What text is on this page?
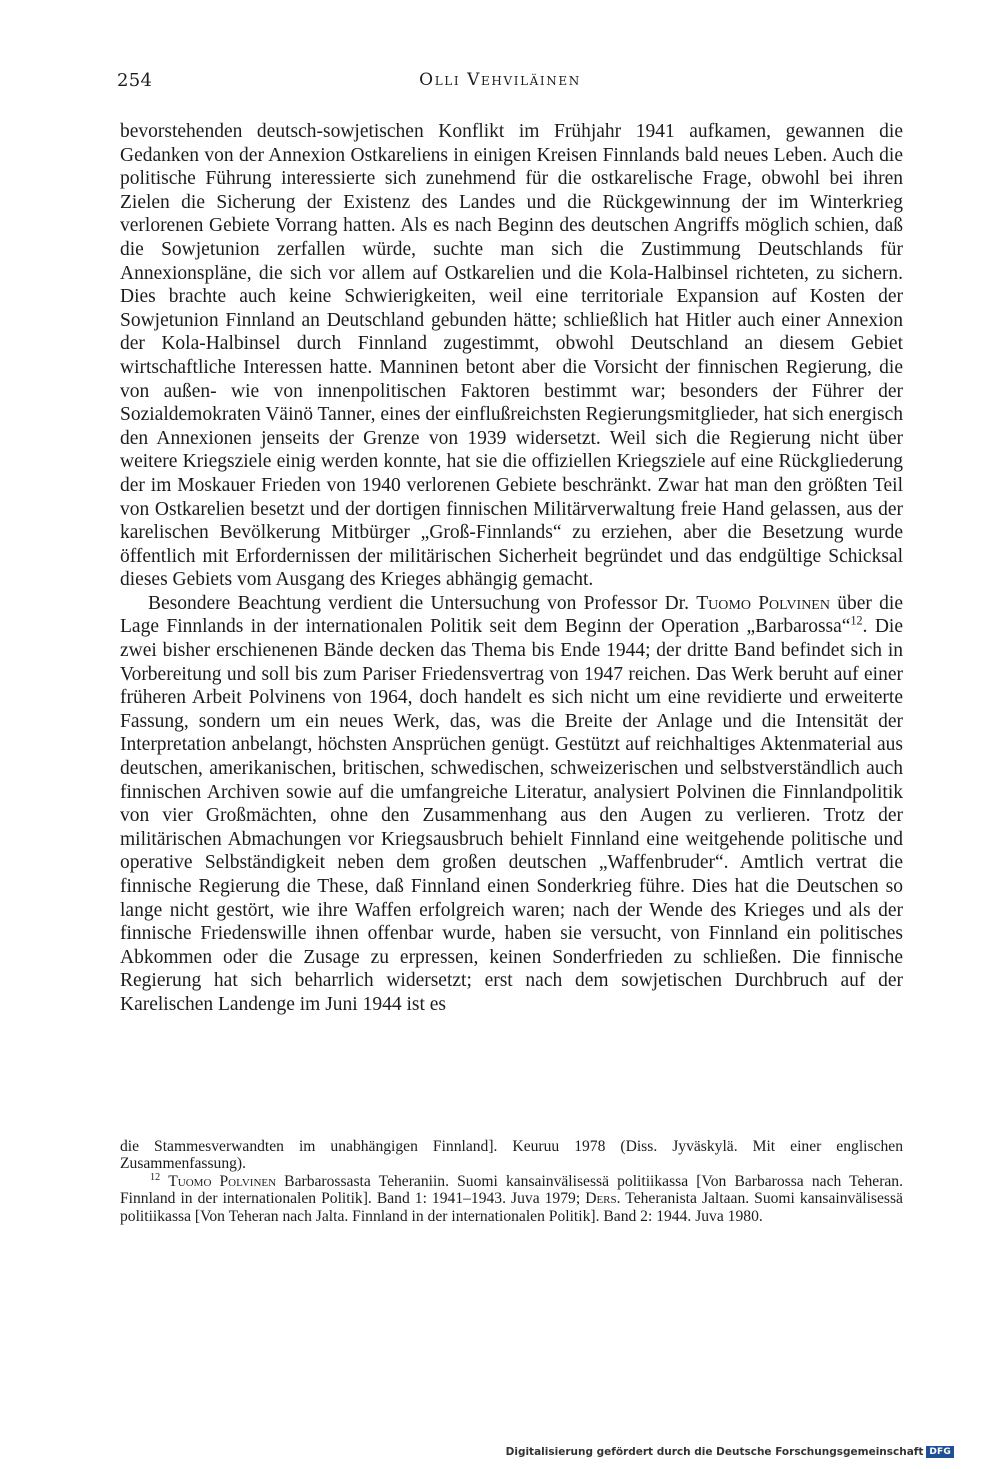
254	Olli Vehviläinen

bevorstehenden deutsch-sowjetischen Konflikt im Frühjahr 1941 aufkamen, gewannen die Gedanken von der Annexion Ostkareliens in einigen Kreisen Finnlands bald neues Leben. Auch die politische Führung interessierte sich zunehmend für die ostkarelische Frage, obwohl bei ihren Zielen die Sicherung der Existenz des Landes und die Rückgewinnung der im Winterkrieg verlorenen Gebiete Vorrang hatten. Als es nach Beginn des deutschen Angriffs möglich schien, daß die Sowjetunion zerfallen würde, suchte man sich die Zustimmung Deutschlands für Annexionspläne, die sich vor allem auf Ostkarelien und die Kola-Halbinsel richteten, zu sichern. Dies brachte auch keine Schwierigkeiten, weil eine territoriale Expansion auf Kosten der Sowjetunion Finnland an Deutschland gebunden hätte; schließlich hat Hitler auch einer Annexion der Kola-Halbinsel durch Finnland zugestimmt, obwohl Deutschland an diesem Gebiet wirtschaftliche Interessen hatte. Manninen betont aber die Vorsicht der finnischen Regierung, die von außen- wie von innenpolitischen Faktoren bestimmt war; besonders der Führer der Sozialdemokraten Väinö Tanner, eines der einflußreichsten Regierungsmitglieder, hat sich energisch den Annexionen jenseits der Grenze von 1939 widersetzt. Weil sich die Regierung nicht über weitere Kriegsziele einig werden konnte, hat sie die offiziellen Kriegsziele auf eine Rückgliederung der im Moskauer Frieden von 1940 verlorenen Gebiete beschränkt. Zwar hat man den größten Teil von Ostkarelien besetzt und der dortigen finnischen Militärverwaltung freie Hand gelassen, aus der karelischen Bevölkerung Mitbürger „Groß-Finnlands“ zu erziehen, aber die Besetzung wurde öffentlich mit Erfordernissen der militärischen Sicherheit begründet und das endgültige Schicksal dieses Gebiets vom Ausgang des Krieges abhängig gemacht.

Besondere Beachtung verdient die Untersuchung von Professor Dr. Tuomo Polvinen über die Lage Finnlands in der internationalen Politik seit dem Beginn der Operation „Barbarossa“$^{12}$. Die zwei bisher erschienenen Bände decken das Thema bis Ende 1944; der dritte Band befindet sich in Vorbereitung und soll bis zum Pariser Friedensvertrag von 1947 reichen. Das Werk beruht auf einer früheren Arbeit Polvinens von 1964, doch handelt es sich nicht um eine revidierte und erweiterte Fassung, sondern um ein neues Werk, das, was die Breite der Anlage und die Intensität der Interpretation anbelangt, höchsten Ansprüchen genügt. Gestützt auf reichhaltiges Aktenmaterial aus deutschen, amerikanischen, britischen, schwedischen, schweizerischen und selbstverständlich auch finnischen Archiven sowie auf die umfangreiche Literatur, analysiert Polvinen die Finnlandpolitik von vier Großmächten, ohne den Zusammenhang aus den Augen zu verlieren. Trotz der militärischen Abmachungen vor Kriegsausbruch behielt Finnland eine weitgehende politische und operative Selbständigkeit neben dem großen deutschen „Waffenbruder“. Amtlich vertrat die finnische Regierung die These, daß Finnland einen Sonderkrieg führe. Dies hat die Deutschen so lange nicht gestört, wie ihre Waffen erfolgreich waren; nach der Wende des Krieges und als der finnische Friedenswille ihnen offenbar wurde, haben sie versucht, von Finnland ein politisches Abkommen oder die Zusage zu erpressen, keinen Sonderfrieden zu schließen. Die finnische Regierung hat sich beharrlich widersetzt; erst nach dem sowjetischen Durchbruch auf der Karelischen Landenge im Juni 1944 ist es

die Stammesverwandten im unabhängigen Finnland]. Keuruu 1978 (Diss. Jyväskylä. Mit einer englischen Zusammenfassung).

$^{12}$ Tuomo Polvinen Barbarossasta Teheraniin. Suomi kansainvälisessä politiikassa [Von Barbarossa nach Teheran. Finnland in der internationalen Politik]. Band 1: 1941–1943. Juva 1979; Ders. Teheranista Jaltaan. Suomi kansainvälisessä politiikassa [Von Teheran nach Jalta. Finnland in der internationalen Politik]. Band 2: 1944. Juva 1980.

Digitalisierung gefördert durch die Deutsche Forschungsgemeinschaft DFG
